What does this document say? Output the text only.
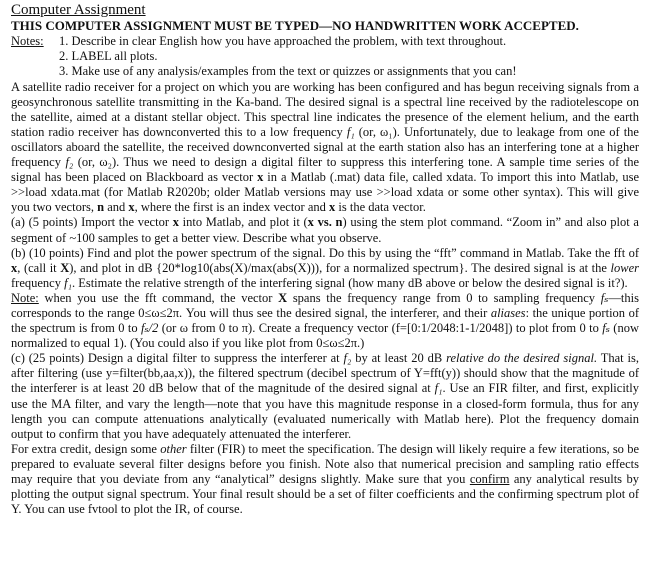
Computer Assignment
THIS COMPUTER ASSIGNMENT MUST BE TYPED—NO HANDWRITTEN WORK ACCEPTED.
Notes:	1. Describe in clear English how you have approached the problem, with text throughout.
2. LABEL all plots.
3. Make use of any analysis/examples from the text or quizzes or assignments that you can!

A satellite radio receiver for a project on which you are working has been configured and has begun receiving signals from a geosynchronous satellite transmitting in the Ka-band. The desired signal is a spectral line received by the radiotelescope on the satellite, aimed at a distant stellar object. This spectral line indicates the presence of the element helium, and the earth station radio receiver has downconverted this to a low frequency f₁ (or, ω₁). Unfortunately, due to leakage from one of the oscillators aboard the satellite, the received downconverted signal at the earth station also has an interfering tone at a higher frequency f₂ (or, ω₂). Thus we need to design a digital filter to suppress this interfering tone. A sample time series of the signal has been placed on Blackboard as vector x in a Matlab (.mat) data file, called xdata. To import this into Matlab, use >>load xdata.mat (for Matlab R2020b; older Matlab versions may use >>load xdata or some other syntax). This will give you two vectors, n and x, where the first is an index vector and x is the data vector.

(a) (5 points) Import the vector x into Matlab, and plot it (x vs. n) using the stem plot command. “Zoom in” and also plot a segment of ~100 samples to get a better view. Describe what you observe.

(b) (10 points) Find and plot the power spectrum of the signal. Do this by using the “fft” command in Matlab. Take the fft of x, (call it X), and plot in dB {20*log10(abs(X)/max(abs(X))), for a normalized spectrum}. The desired signal is at the lower frequency f₁. Estimate the relative strength of the interfering signal (how many dB above or below the desired signal is it?).

Note: when you use the fft command, the vector X spans the frequency range from 0 to sampling frequency fₛ—this corresponds to the range 0≤ω≤2π. You will thus see the desired signal, the interferer, and their aliases: the unique portion of the spectrum is from 0 to fₛ/2 (or ω from 0 to π). Create a frequency vector (f=[0:1/2048:1-1/2048]) to plot from 0 to fₛ (now normalized to equal 1). (You could also if you like plot from 0≤ω≤2π.)

(c) (25 points) Design a digital filter to suppress the interferer at f₂ by at least 20 dB relative do the desired signal. That is, after filtering (use y=filter(bb,aa,x)), the filtered spectrum (decibel spectrum of Y=fft(y)) should show that the magnitude of the interferer is at least 20 dB below that of the magnitude of the desired signal at f₁. Use an FIR filter, and first, explicitly use the MA filter, and vary the length—note that you have this magnitude response in a closed-form formula, thus for any length you can compute attenuations analytically (evaluated numerically with Matlab here). Plot the frequency domain output to confirm that you have adequately attenuated the interferer.

For extra credit, design some other filter (FIR) to meet the specification. The design will likely require a few iterations, so be prepared to evaluate several filter designs before you finish. Note also that numerical precision and sampling ratio effects may require that you deviate from any “analytical” designs slightly. Make sure that you confirm any analytical results by plotting the output signal spectrum. Your final result should be a set of filter coefficients and the confirming spectrum plot of Y. You can use fvtool to plot the IR, of course.
